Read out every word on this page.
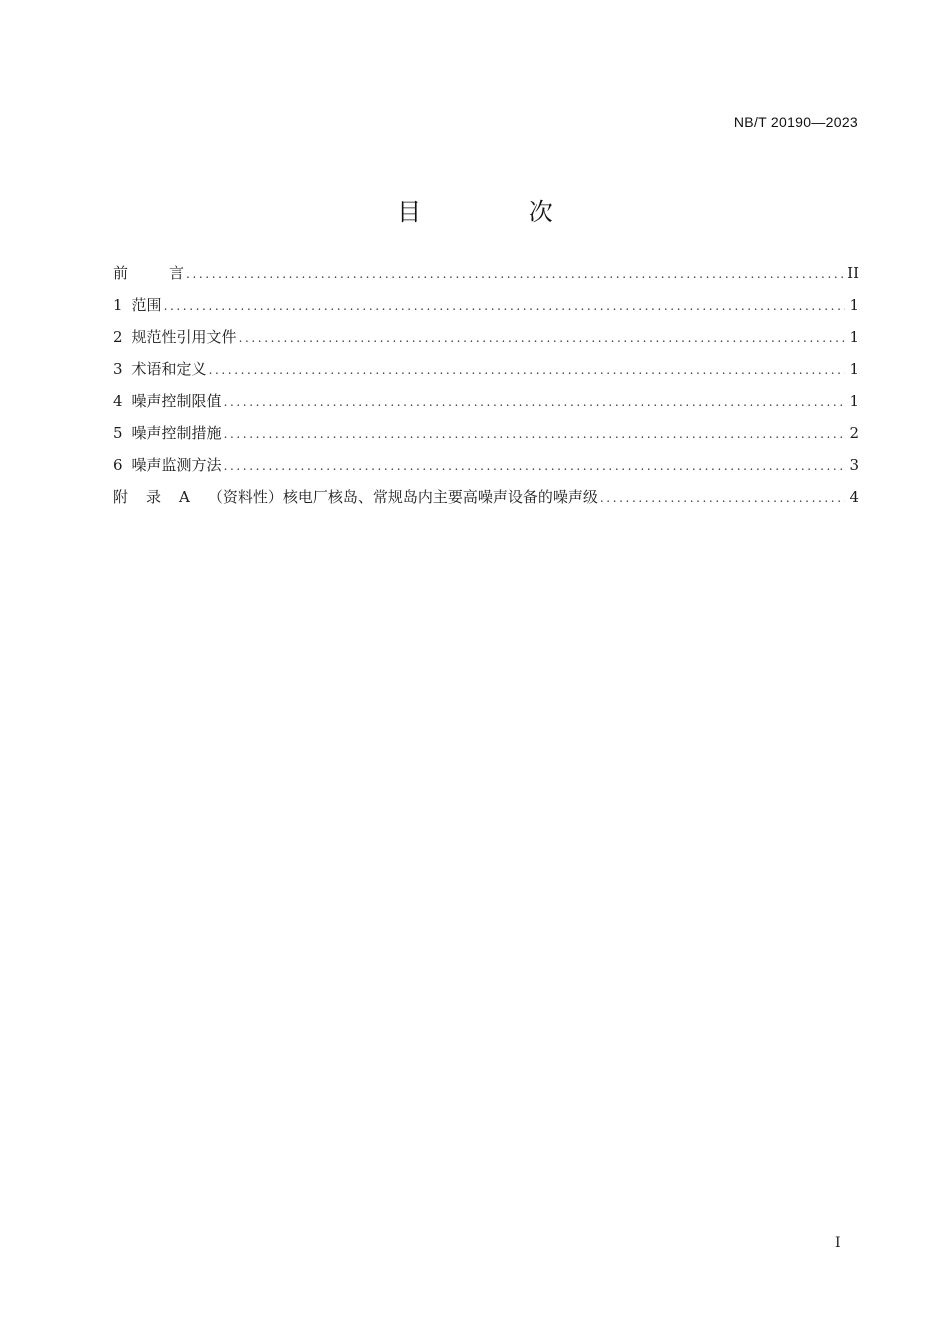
NB/T 20190—2023
目 次
前	言 .....	II
1 范围 .....	1
2 规范性引用文件 .....	1
3 术语和定义 .....	1
4 噪声控制限值 .....	1
5 噪声控制措施 .....	2
6 噪声监测方法 .....	3
附 录 A （资料性）核电厂核岛、常规岛内主要高噪声设备的噪声级 .....	4
I
